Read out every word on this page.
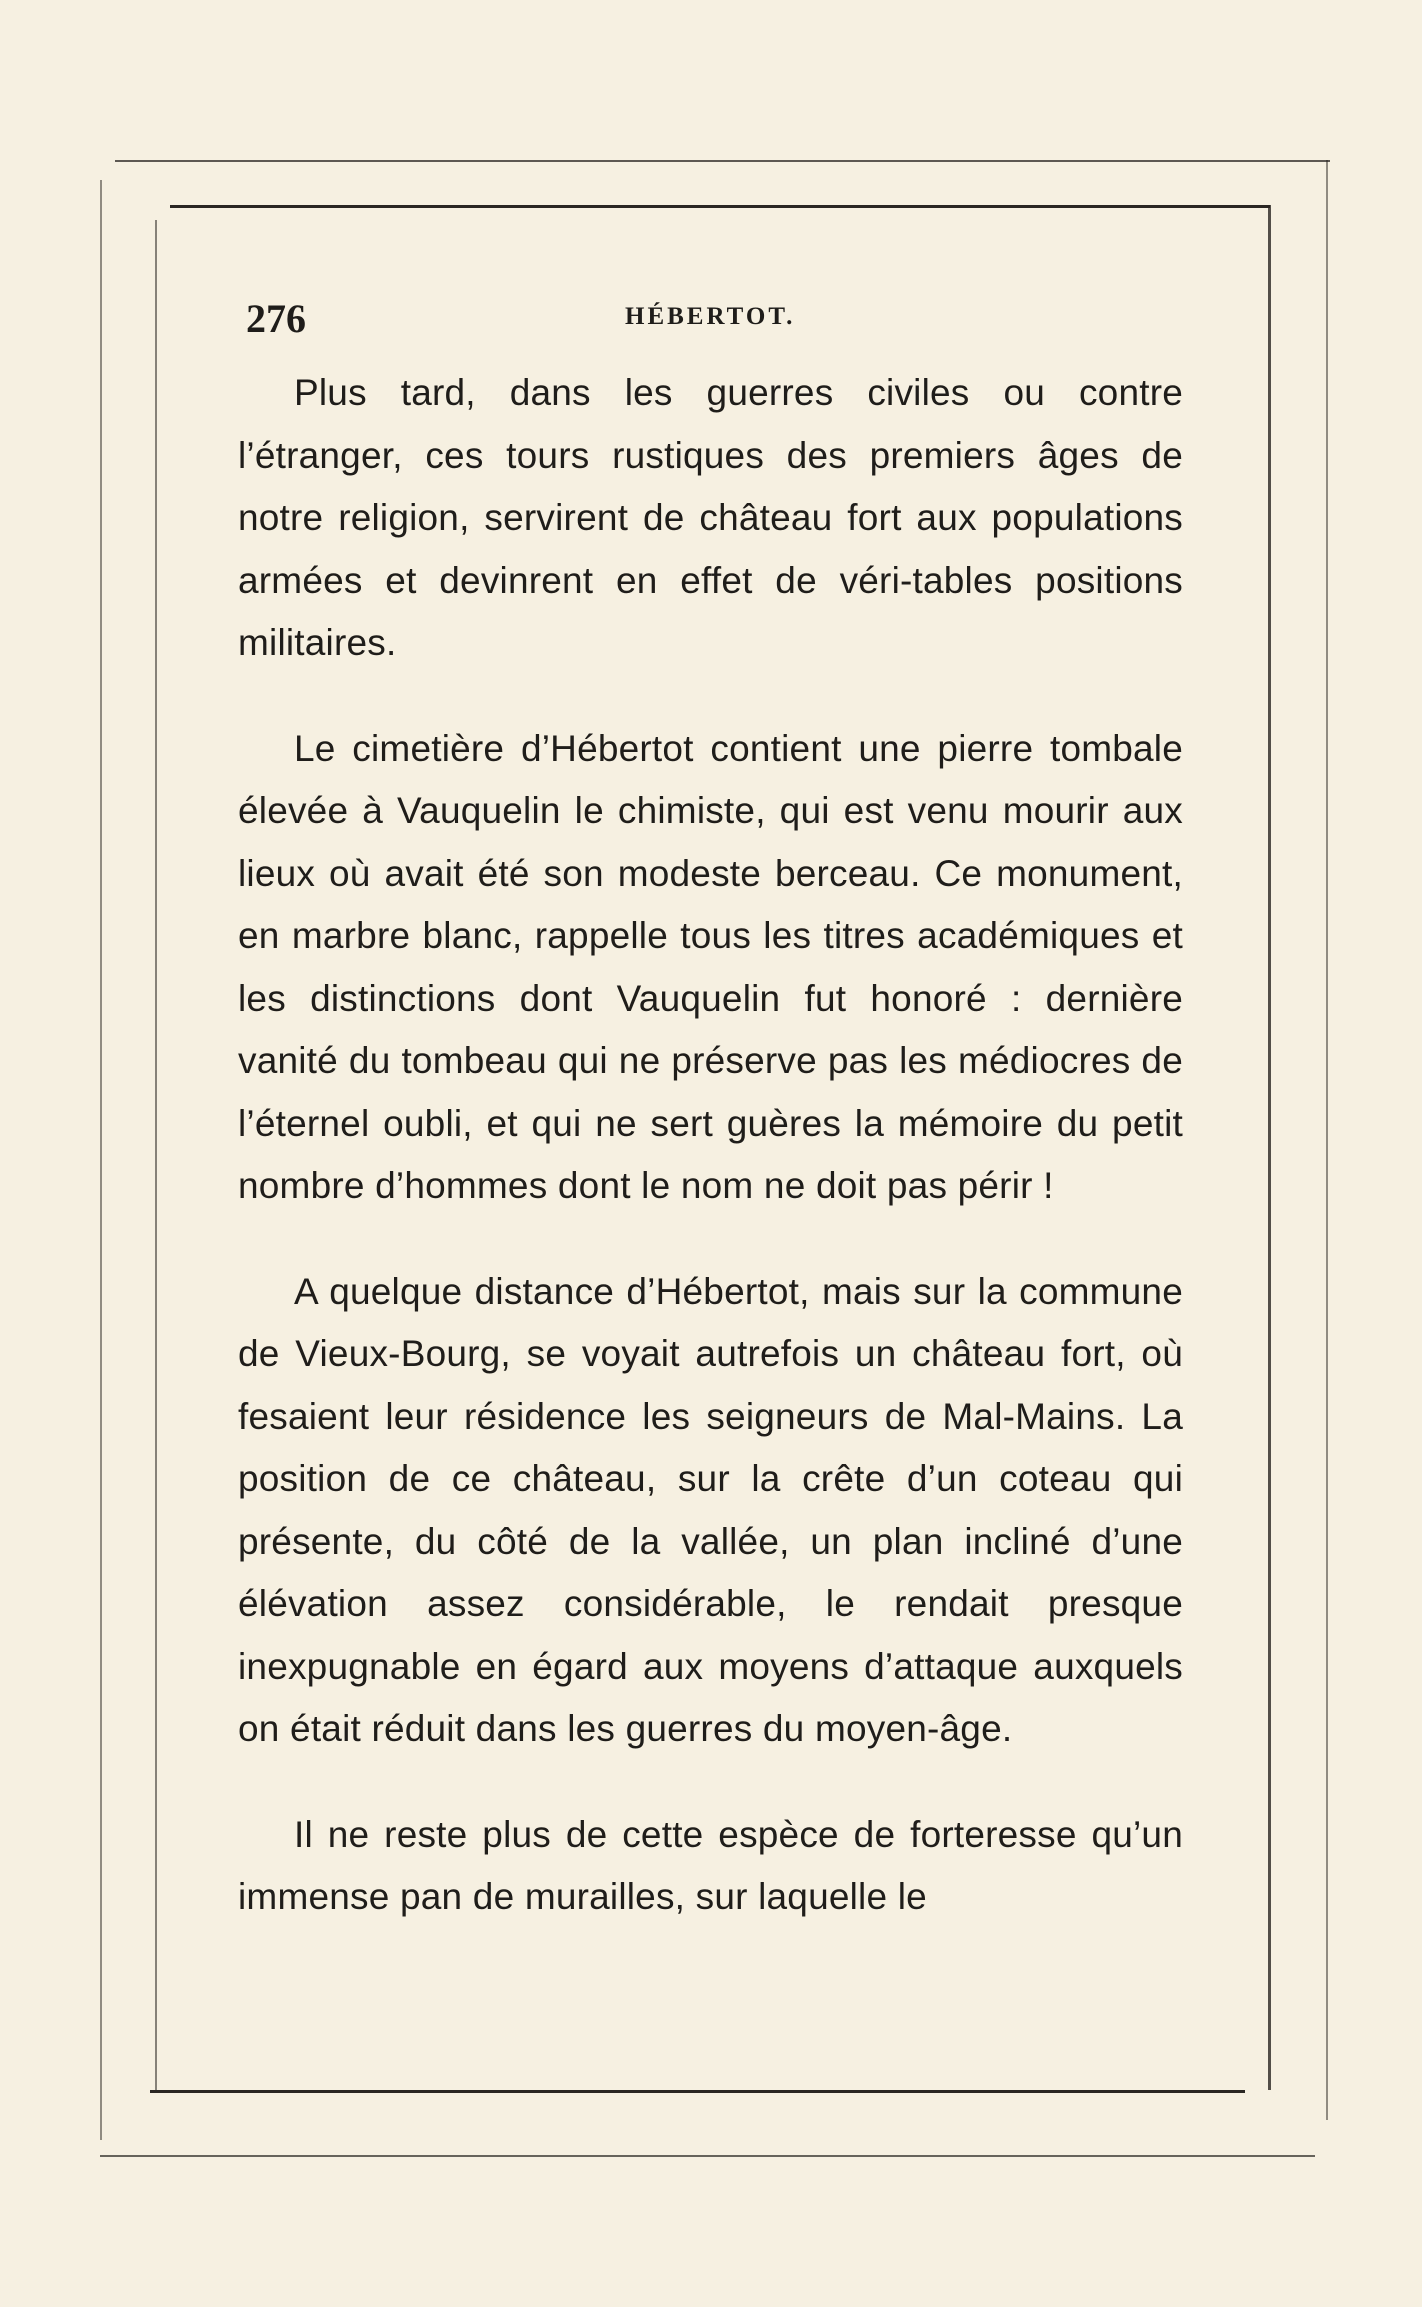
276	HÉBERTOT.

Plus tard, dans les guerres civiles ou contre l’étranger, ces tours rustiques des premiers âges de notre religion, servirent de château fort aux populations armées et devinrent en effet de véri-tables positions militaires.

Le cimetière d’Hébertot contient une pierre tombale élevée à Vauquelin le chimiste, qui est venu mourir aux lieux où avait été son modeste berceau. Ce monument, en marbre blanc, rappelle tous les titres académiques et les distinctions dont Vauquelin fut honoré : dernière vanité du tombeau qui ne préserve pas les médiocres de l’éternel oubli, et qui ne sert guères la mémoire du petit nombre d’hommes dont le nom ne doit pas périr !

A quelque distance d’Hébertot, mais sur la commune de Vieux-Bourg, se voyait autrefois un château fort, où fesaient leur résidence les seigneurs de Mal-Mains. La position de ce château, sur la crête d’un coteau qui présente, du côté de la vallée, un plan incliné d’une élévation assez considérable, le rendait presque inexpugnable en égard aux moyens d’attaque auxquels on était réduit dans les guerres du moyen-âge.

Il ne reste plus de cette espèce de forteresse qu’un immense pan de murailles, sur laquelle le
